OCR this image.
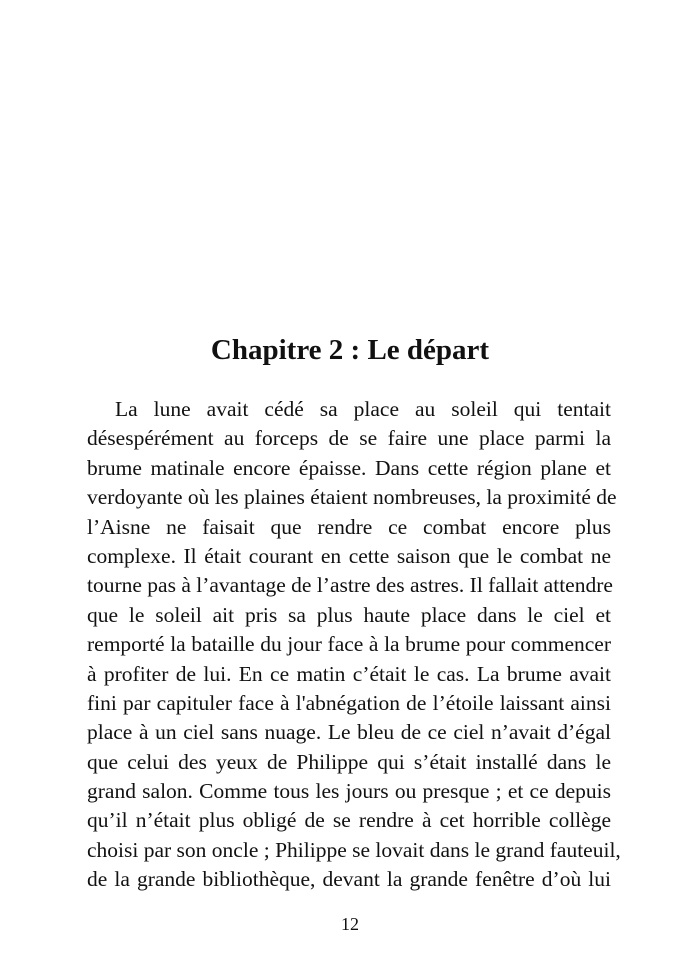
Chapitre 2 : Le départ
La lune avait cédé sa place au soleil qui tentait
désespérément au forceps de se faire une place parmi la
brume matinale encore épaisse. Dans cette région plane et
verdoyante où les plaines étaient nombreuses, la proximité de
l’Aisne ne faisait que rendre ce combat encore plus
complexe. Il était courant en cette saison que le combat ne
tourne pas à l’avantage de l’astre des astres. Il fallait attendre
que le soleil ait pris sa plus haute place dans le ciel et
remporté la bataille du jour face à la brume pour commencer
à profiter de lui. En ce matin c’était le cas. La brume avait
fini par capituler face à l'abnégation de l’étoile laissant ainsi
place à un ciel sans nuage. Le bleu de ce ciel n’avait d’égal
que celui des yeux de Philippe qui s’était installé dans le
grand salon. Comme tous les jours ou presque ; et ce depuis
qu’il n’était plus obligé de se rendre à cet horrible collège
choisi par son oncle ; Philippe se lovait dans le grand fauteuil,
de la grande bibliothèque, devant la grande fenêtre d’où lui
12
